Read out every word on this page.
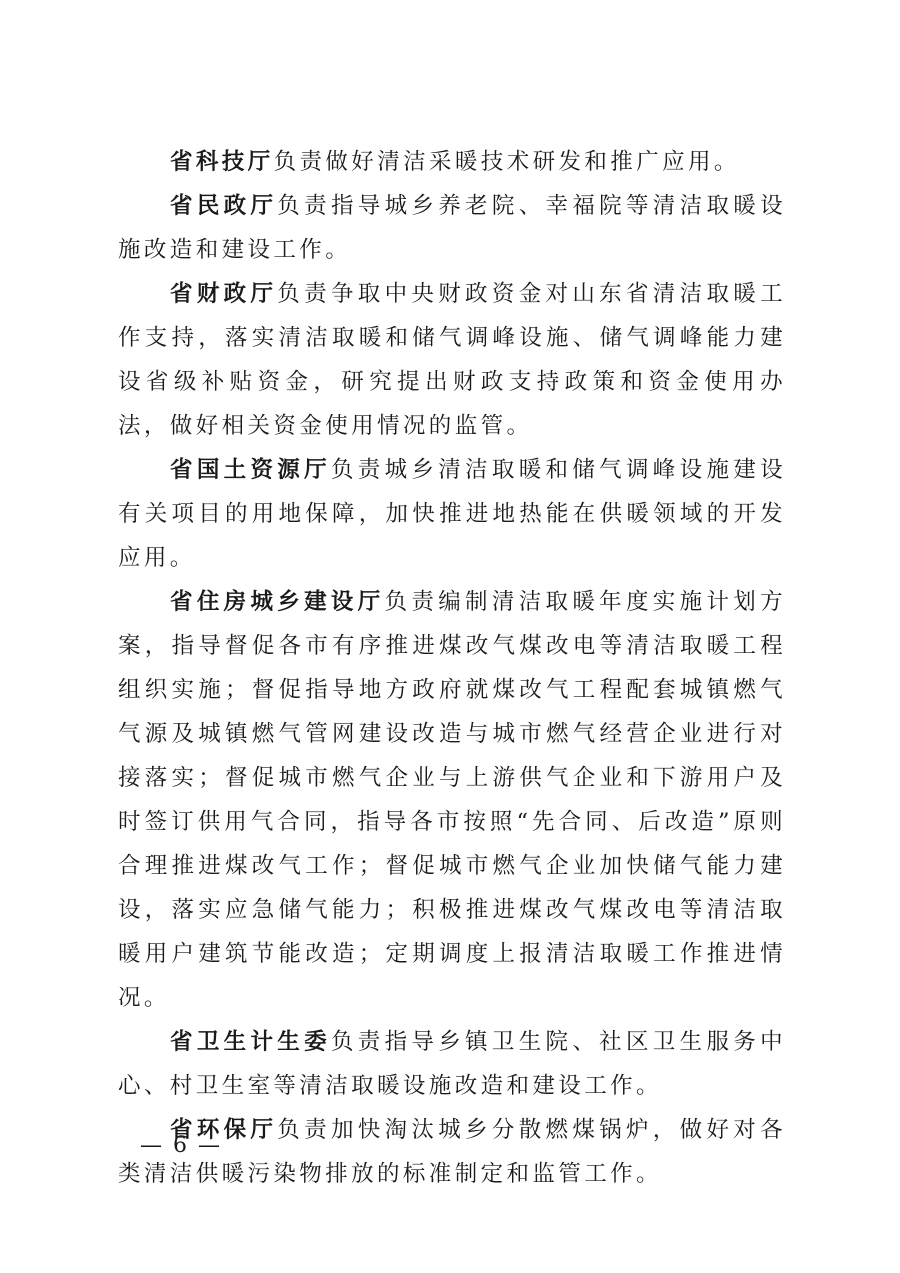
省科技厅负责做好清洁采暖技术研发和推广应用。

省民政厅负责指导城乡养老院、幸福院等清洁取暖设施改造和建设工作。

省财政厅负责争取中央财政资金对山东省清洁取暖工作支持，落实清洁取暖和储气调峰设施、储气调峰能力建设省级补贴资金，研究提出财政支持政策和资金使用办法，做好相关资金使用情况的监管。

省国土资源厅负责城乡清洁取暖和储气调峰设施建设有关项目的用地保障，加快推进地热能在供暖领域的开发应用。

省住房城乡建设厅负责编制清洁取暖年度实施计划方案，指导督促各市有序推进煤改气煤改电等清洁取暖工程组织实施；督促指导地方政府就煤改气工程配套城镇燃气气源及城镇燃气管网建设改造与城市燃气经营企业进行对接落实；督促城市燃气企业与上游供气企业和下游用户及时签订供用气合同，指导各市按照“先合同、后改造”原则合理推进煤改气工作；督促城市燃气企业加快储气能力建设，落实应急储气能力；积极推进煤改气煤改电等清洁取暖用户建筑节能改造；定期调度上报清洁取暖工作推进情况。

省卫生计生委负责指导乡镇卫生院、社区卫生服务中心、村卫生室等清洁取暖设施改造和建设工作。

省环保厅负责加快淘汰城乡分散燃煤锅炉，做好对各类清洁供暖污染物排放的标准制定和监管工作。

— 6 —
